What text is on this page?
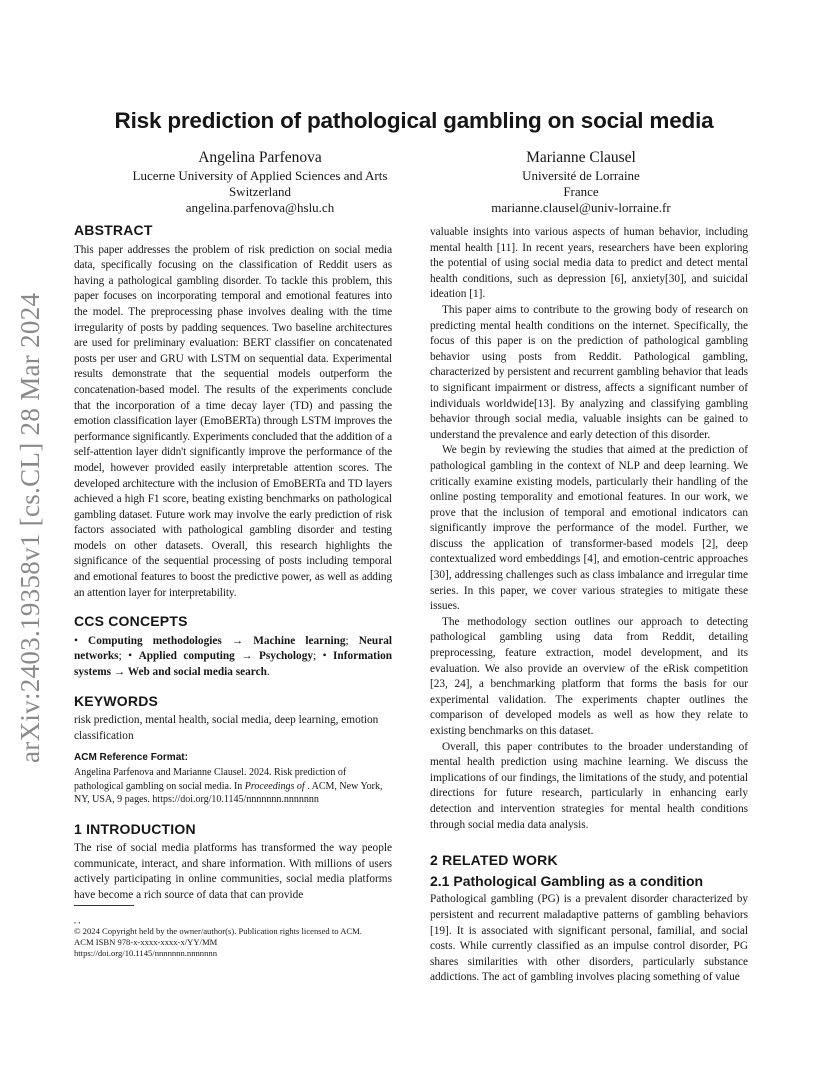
arXiv:2403.19358v1 [cs.CL] 28 Mar 2024
Risk prediction of pathological gambling on social media
Angelina Parfenova
Lucerne University of Applied Sciences and Arts
Switzerland
angelina.parfenova@hslu.ch
Marianne Clausel
Université de Lorraine
France
marianne.clausel@univ-lorraine.fr
ABSTRACT

This paper addresses the problem of risk prediction on social media data, specifically focusing on the classification of Reddit users as having a pathological gambling disorder. To tackle this problem, this paper focuses on incorporating temporal and emotional features into the model. The preprocessing phase involves dealing with the time irregularity of posts by padding sequences. Two baseline architectures are used for preliminary evaluation: BERT classifier on concatenated posts per user and GRU with LSTM on sequential data. Experimental results demonstrate that the sequential models outperform the concatenation-based model. The results of the experiments conclude that the incorporation of a time decay layer (TD) and passing the emotion classification layer (EmoBERTa) through LSTM improves the performance significantly. Experiments concluded that the addition of a self-attention layer didn't significantly improve the performance of the model, however provided easily interpretable attention scores. The developed architecture with the inclusion of EmoBERTa and TD layers achieved a high F1 score, beating existing benchmarks on pathological gambling dataset. Future work may involve the early prediction of risk factors associated with pathological gambling disorder and testing models on other datasets. Overall, this research highlights the significance of the sequential processing of posts including temporal and emotional features to boost the predictive power, as well as adding an attention layer for interpretability.

CCS CONCEPTS

• Computing methodologies → Machine learning; Neural networks; • Applied computing → Psychology; • Information systems → Web and social media search.

KEYWORDS

risk prediction, mental health, social media, deep learning, emotion classification

ACM Reference Format:

Angelina Parfenova and Marianne Clausel. 2024. Risk prediction of pathological gambling on social media. In Proceedings of . ACM, New York, NY, USA, 9 pages. https://doi.org/10.1145/nnnnnnn.nnnnnnn

1 INTRODUCTION

The rise of social media platforms has transformed the way people communicate, interact, and share information. With millions of users actively participating in online communities, social media platforms have become a rich source of data that can provide

, ,
© 2024 Copyright held by the owner/author(s). Publication rights licensed to ACM.
ACM ISBN 978-x-xxxx-xxxx-x/YY/MM
https://doi.org/10.1145/nnnnnnn.nnnnnnn

valuable insights into various aspects of human behavior, including mental health [11]. In recent years, researchers have been exploring the potential of using social media data to predict and detect mental health conditions, such as depression [6], anxiety[30], and suicidal ideation [1].

This paper aims to contribute to the growing body of research on predicting mental health conditions on the internet. Specifically, the focus of this paper is on the prediction of pathological gambling behavior using posts from Reddit. Pathological gambling, characterized by persistent and recurrent gambling behavior that leads to significant impairment or distress, affects a significant number of individuals worldwide[13]. By analyzing and classifying gambling behavior through social media, valuable insights can be gained to understand the prevalence and early detection of this disorder.

We begin by reviewing the studies that aimed at the prediction of pathological gambling in the context of NLP and deep learning. We critically examine existing models, particularly their handling of the online posting temporality and emotional features. In our work, we prove that the inclusion of temporal and emotional indicators can significantly improve the performance of the model. Further, we discuss the application of transformer-based models [2], deep contextualized word embeddings [4], and emotion-centric approaches [30], addressing challenges such as class imbalance and irregular time series. In this paper, we cover various strategies to mitigate these issues.

The methodology section outlines our approach to detecting pathological gambling using data from Reddit, detailing preprocessing, feature extraction, model development, and its evaluation. We also provide an overview of the eRisk competition [23, 24], a benchmarking platform that forms the basis for our experimental validation. The experiments chapter outlines the comparison of developed models as well as how they relate to existing benchmarks on this dataset.

Overall, this paper contributes to the broader understanding of mental health prediction using machine learning. We discuss the implications of our findings, the limitations of the study, and potential directions for future research, particularly in enhancing early detection and intervention strategies for mental health conditions through social media data analysis.

2 RELATED WORK
2.1 Pathological Gambling as a condition

Pathological gambling (PG) is a prevalent disorder characterized by persistent and recurrent maladaptive patterns of gambling behaviors [19]. It is associated with significant personal, familial, and social costs. While currently classified as an impulse control disorder, PG shares similarities with other disorders, particularly substance addictions. The act of gambling involves placing something of value
